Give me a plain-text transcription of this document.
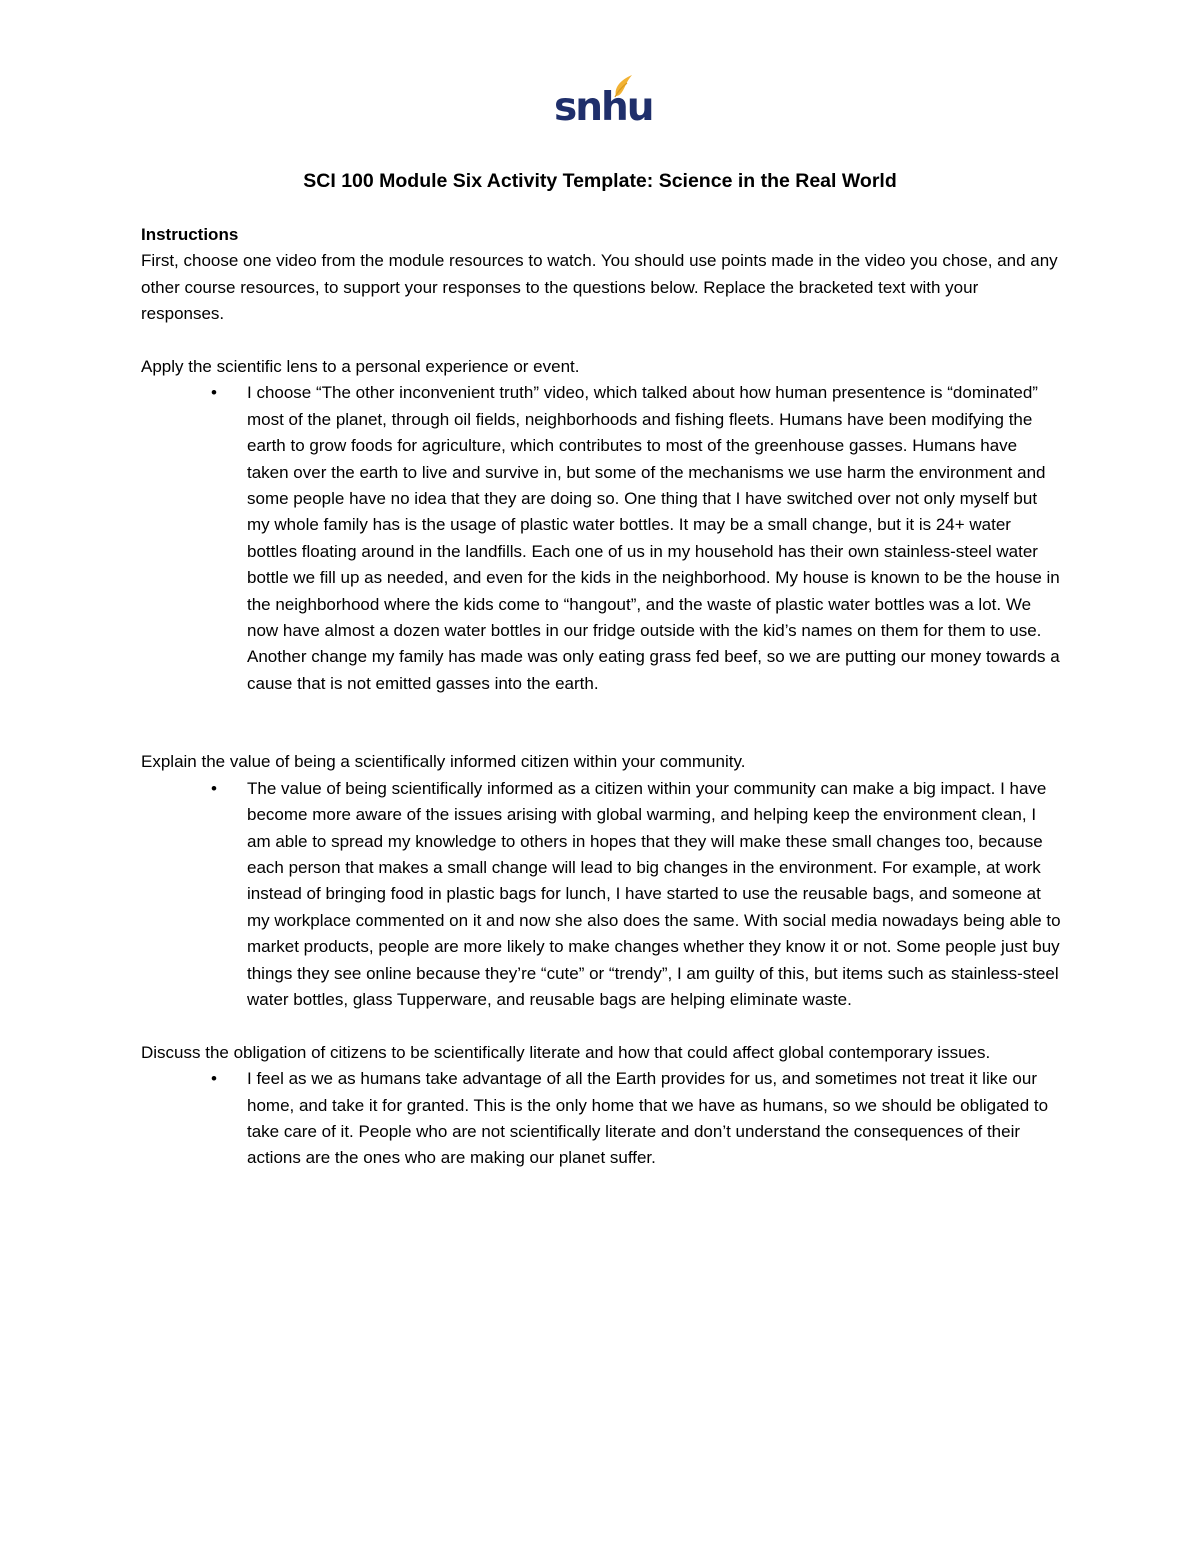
snhu
SCI 100 Module Six Activity Template: Science in the Real World

Instructions

First, choose one video from the module resources to watch. You should use points made in the video you chose, and any other course resources, to support your responses to the questions below. Replace the bracketed text with your responses.

Apply the scientific lens to a personal experience or event.

• I choose “The other inconvenient truth” video, which talked about how human presentence is “dominated” most of the planet, through oil fields, neighborhoods and fishing fleets. Humans have been modifying the earth to grow foods for agriculture, which contributes to most of the greenhouse gasses. Humans have taken over the earth to live and survive in, but some of the mechanisms we use harm the environment and some people have no idea that they are doing so. One thing that I have switched over not only myself but my whole family has is the usage of plastic water bottles. It may be a small change, but it is 24+ water bottles floating around in the landfills. Each one of us in my household has their own stainless-steel water bottle we fill up as needed, and even for the kids in the neighborhood. My house is known to be the house in the neighborhood where the kids come to “hangout”, and the waste of plastic water bottles was a lot. We now have almost a dozen water bottles in our fridge outside with the kid’s names on them for them to use. Another change my family has made was only eating grass fed beef, so we are putting our money towards a cause that is not emitted gasses into the earth.

Explain the value of being a scientifically informed citizen within your community.

• The value of being scientifically informed as a citizen within your community can make a big impact. I have become more aware of the issues arising with global warming, and helping keep the environment clean, I am able to spread my knowledge to others in hopes that they will make these small changes too, because each person that makes a small change will lead to big changes in the environment. For example, at work instead of bringing food in plastic bags for lunch, I have started to use the reusable bags, and someone at my workplace commented on it and now she also does the same. With social media nowadays being able to market products, people are more likely to make changes whether they know it or not. Some people just buy things they see online because they’re “cute” or “trendy”, I am guilty of this, but items such as stainless-steel water bottles, glass Tupperware, and reusable bags are helping eliminate waste.

Discuss the obligation of citizens to be scientifically literate and how that could affect global contemporary issues.

• I feel as we as humans take advantage of all the Earth provides for us, and sometimes not treat it like our home, and take it for granted. This is the only home that we have as humans, so we should be obligated to take care of it. People who are not scientifically literate and don’t understand the consequences of their actions are the ones who are making our planet suffer.
